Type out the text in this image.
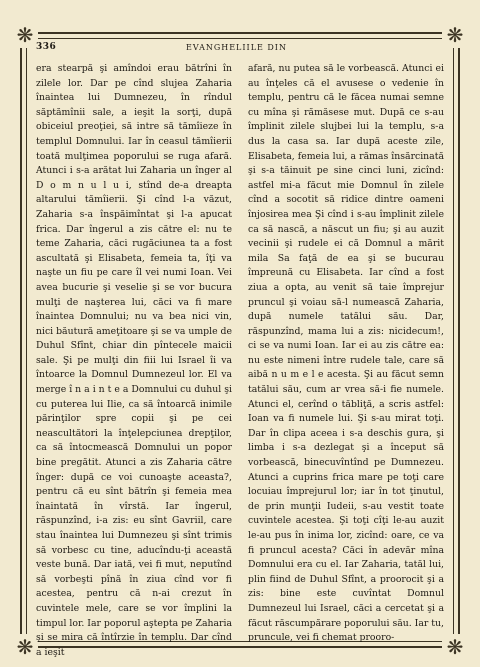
❋	❋
❋	❋
336	EVANGHELIILE DIN

era stearpă şi amîndoi erau bătrîni în zilele lor. Dar pe cînd slujea Zaharia înaintea lui Dumnezeu, în rîndul săptămînii sale, a ieşit la sorţi, după obiceiul preoţiei, să intre să tămîieze în templul Domnului. Iar în ceasul tămîierii toată mulţimea poporului se ruga afară. Atunci i s-a arătat lui Zaharia un înger al D o m n u l u i, stînd de-a dreapta altarului tămîierii. Şi cînd l-a văzut, Zaharia s-a înspăimîntat şi l-a apucat frica. Dar îngerul a zis către el: nu te teme Zaharia, căci rugăciunea ta a fost ascultată şi Elisabeta, femeia ta, îţi va naşte un fiu pe care îl vei numi Ioan. Vei avea bucurie şi veselie şi se vor bucura mulţi de naşterea lui, căci va fi mare înaintea Domnului; nu va bea nici vin, nici băutură ameţitoare şi se va umple de Duhul Sfînt, chiar din pîntecele maicii sale. Şi pe mulţi din fiii lui Israel îi va întoarce la Domnul Dumnezeul lor. El va merge î n a i n t e a Domnului cu duhul şi cu puterea lui Ilie, ca să întoarcă inimile părinţilor spre copii şi pe cei neascultători la înţelepciunea drepţilor, ca să întocmească Domnului un popor bine pregătit. Atunci a zis Zaharia către înger: după ce voi cunoaşte aceasta?, pentru că eu sînt bătrîn şi femeia mea înaintată în vîrstă. Iar îngerul, răspunzînd, i-a zis: eu sînt Gavriil, care stau înaintea lui Dumnezeu şi sînt trimis să vorbesc cu tine, aducîndu-ţi această veste bună. Dar iată, vei fi mut, neputînd să vorbeşti pînă în ziua cînd vor fi acestea, pentru că n-ai crezut în cuvintele mele, care se vor împlini la timpul lor. Iar poporul aştepta pe Zaharia şi se mira că întîrzie în templu. Dar cînd a ieşit

afară, nu putea să le vorbească. Atunci ei au înţeles că el avusese o vedenie în templu, pentru că le făcea numai semne cu mîna şi rămăsese mut. După ce s-au împlinit zilele slujbei lui la templu, s-a dus la casa sa. Iar după aceste zile, Elisabeta, femeia lui, a rămas însărcinată şi s-a tăinuit pe sine cinci luni, zicînd: astfel mi-a făcut mie Domnul în zilele cînd a socotit să ridice dintre oameni înjosirea mea Şi cînd i s-au împlinit zilele ca să nască, a născut un fiu; şi au auzit vecinii şi rudele ei că Domnul a mărit mila Sa faţă de ea şi se bucurau împreună cu Elisabeta. Iar cînd a fost ziua a opta, au venit să taie împrejur pruncul şi voiau să-l numească Zaharia, după numele tatălui său. Dar, răspunzînd, mama lui a zis: nicidecum!, ci se va numi Ioan. Iar ei au zis către ea: nu este nimeni între rudele tale, care să aibă n u m e l e acesta. Şi au făcut semn tatălui său, cum ar vrea să-i fie numele. Atunci el, cerînd o tăbliţă, a scris astfel: Ioan va fi numele lui. Şi s-au mirat toţi. Dar în clipa aceea i s-a deschis gura, şi limba i s-a dezlegat şi a început să vorbească, binecuvîntînd pe Dumnezeu. Atunci a cuprins frica mare pe toţi care locuiau împrejurul lor; iar în tot ţinutul, de prin munţii Iudeii, s-au vestit toate cuvintele acestea. Şi toţi cîţi le-au auzit le-au pus în inima lor, zicînd: oare, ce va fi pruncul acesta? Căci în adevăr mîna Domnului era cu el. Iar Zaharia, tatăl lui, plin fiind de Duhul Sfînt, a proorocit şi a zis: bine este cuvîntat Domnul Dumnezeul lui Israel, căci a cercetat şi a făcut răscumpărare poporului său. Iar tu, pruncule, vei fi chemat prooro-
